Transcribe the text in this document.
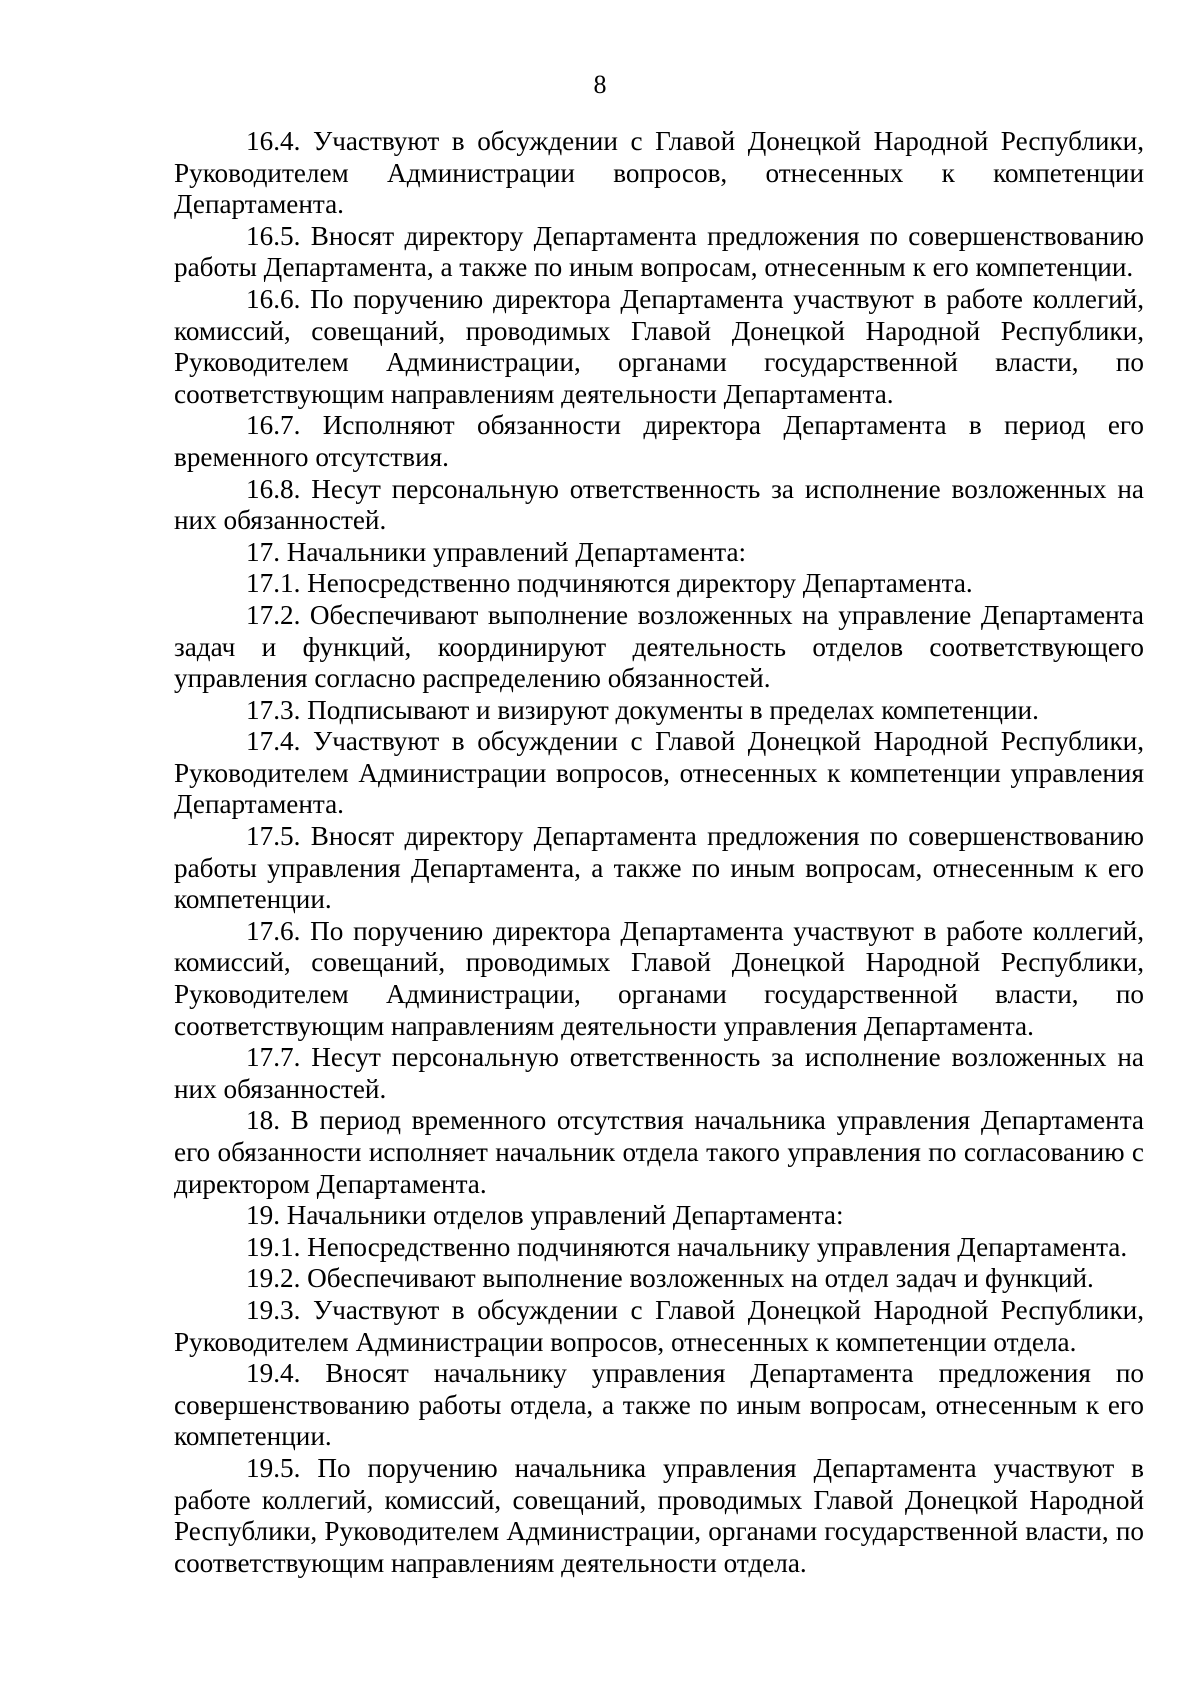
8

16.4. Участвуют в обсуждении с Главой Донецкой Народной Республики, Руководителем Администрации вопросов, отнесенных к компетенции Департамента.

16.5. Вносят директору Департамента предложения по совершенствованию работы Департамента, а также по иным вопросам, отнесенным к его компетенции.

16.6. По поручению директора Департамента участвуют в работе коллегий, комиссий, совещаний, проводимых Главой Донецкой Народной Республики, Руководителем Администрации, органами государственной власти, по соответствующим направлениям деятельности Департамента.

16.7. Исполняют обязанности директора Департамента в период его временного отсутствия.

16.8. Несут персональную ответственность за исполнение возложенных на них обязанностей.

17. Начальники управлений Департамента:

17.1. Непосредственно подчиняются директору Департамента.

17.2. Обеспечивают выполнение возложенных на управление Департамента задач и функций, координируют деятельность отделов соответствующего управления согласно распределению обязанностей.

17.3. Подписывают и визируют документы в пределах компетенции.

17.4. Участвуют в обсуждении с Главой Донецкой Народной Республики, Руководителем Администрации вопросов, отнесенных к компетенции управления Департамента.

17.5. Вносят директору Департамента предложения по совершенствованию работы управления Департамента, а также по иным вопросам, отнесенным к его компетенции.

17.6. По поручению директора Департамента участвуют в работе коллегий, комиссий, совещаний, проводимых Главой Донецкой Народной Республики, Руководителем Администрации, органами государственной власти, по соответствующим направлениям деятельности управления Департамента.

17.7. Несут персональную ответственность за исполнение возложенных на них обязанностей.

18. В период временного отсутствия начальника управления Департамента его обязанности исполняет начальник отдела такого управления по согласованию с директором Департамента.

19. Начальники отделов управлений Департамента:

19.1. Непосредственно подчиняются начальнику управления Департамента.

19.2. Обеспечивают выполнение возложенных на отдел задач и функций.

19.3. Участвуют в обсуждении с Главой Донецкой Народной Республики, Руководителем Администрации вопросов, отнесенных к компетенции отдела.

19.4. Вносят начальнику управления Департамента предложения по совершенствованию работы отдела, а также по иным вопросам, отнесенным к его компетенции.

19.5. По поручению начальника управления Департамента участвуют в работе коллегий, комиссий, совещаний, проводимых Главой Донецкой Народной Республики, Руководителем Администрации, органами государственной власти, по соответствующим направлениям деятельности отдела.
